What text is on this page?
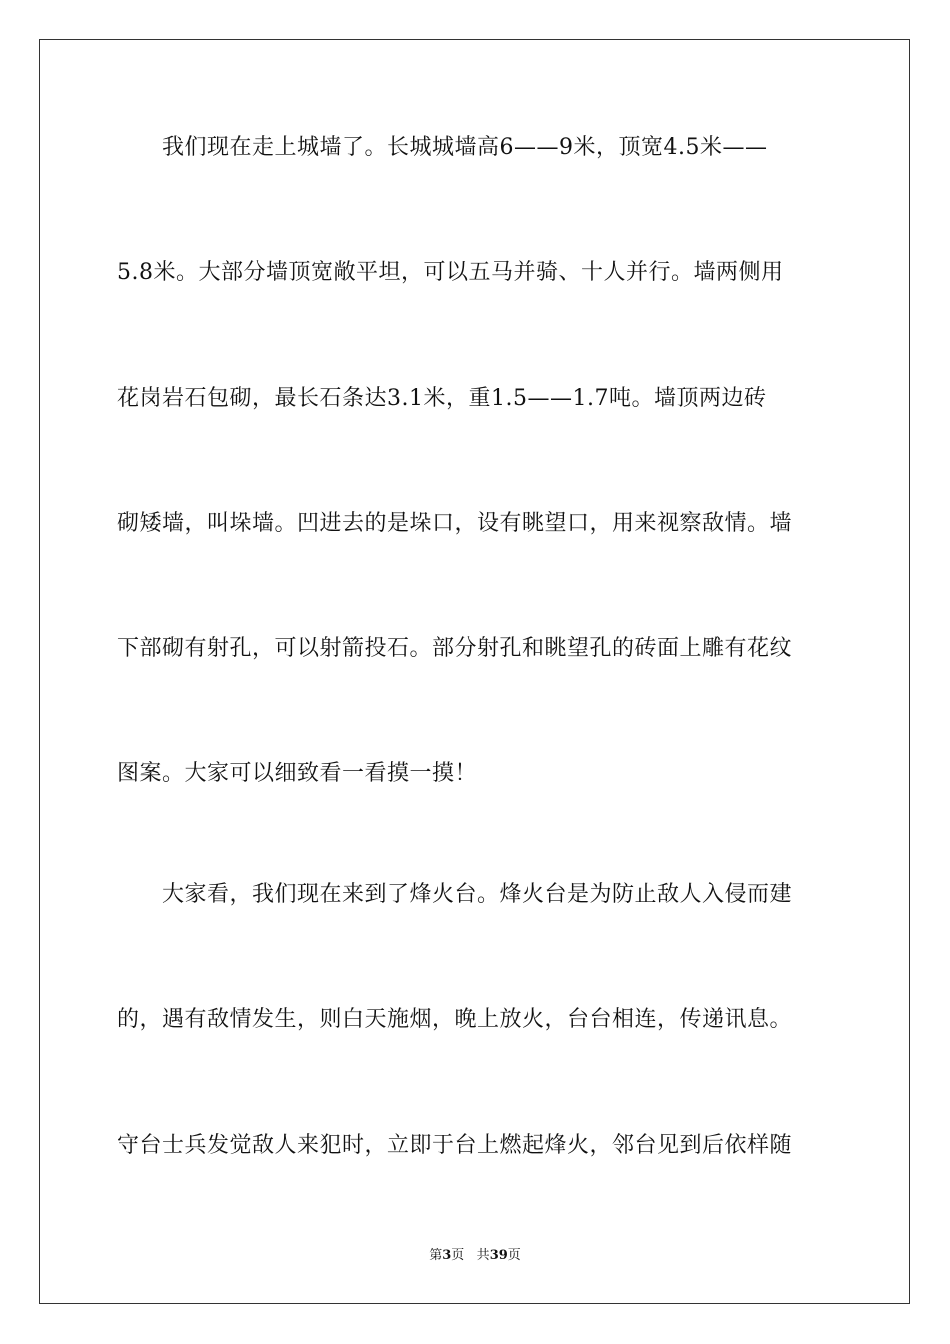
　　我们现在走上城墙了。长城城墙高6——9米，顶宽4.5米——
5.8米。大部分墙顶宽敞平坦，可以五马并骑、十人并行。墙两侧用
花岗岩石包砌，最长石条达3.1米，重1.5——1.7吨。墙顶两边砖
砌矮墙，叫垛墙。凹进去的是垛口，设有眺望口，用来视察敌情。墙
下部砌有射孔，可以射箭投石。部分射孔和眺望孔的砖面上雕有花纹
图案。大家可以细致看一看摸一摸！
　　大家看，我们现在来到了烽火台。烽火台是为防止敌人入侵而建
的，遇有敌情发生，则白天施烟，晚上放火，台台相连，传递讯息。
守台士兵发觉敌人来犯时，立即于台上燃起烽火，邻台见到后依样随
第3页 共39页
